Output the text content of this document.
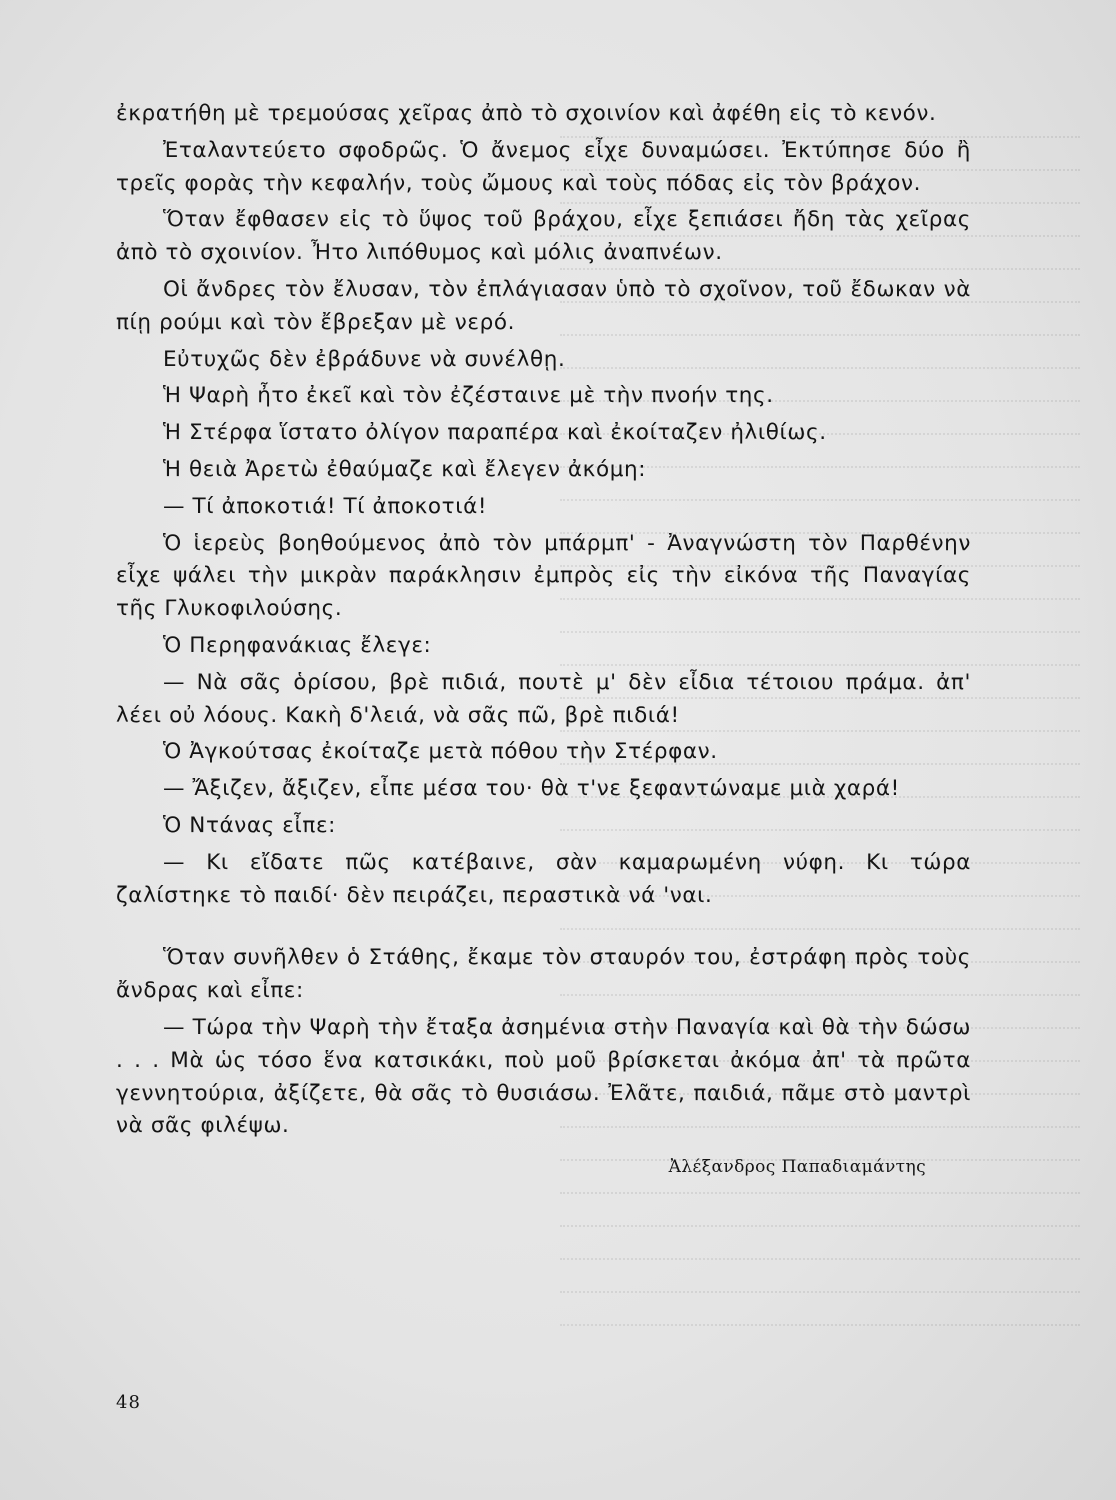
ἐκρατήθη μὲ τρεμούσας χεῖρας ἀπὸ τὸ σχοινίον καὶ ἀφέθη εἰς τὸ κενόν.

Ἐταλαντεύετο σφοδρῶς. Ὁ ἄνεμος εἶχε δυναμώσει. Ἐκτύπησε δύο ἢ τρεῖς φορὰς τὴν κεφαλήν, τοὺς ὤμους καὶ τοὺς πόδας εἰς τὸν βράχον.

Ὅταν ἔφθασεν εἰς τὸ ὕψος τοῦ βράχου, εἶχε ξεπιάσει ἤδη τὰς χεῖρας ἀπὸ τὸ σχοινίον. Ἦτο λιπόθυμος καὶ μόλις ἀναπνέων.

Οἱ ἄνδρες τὸν ἔλυσαν, τὸν ἐπλάγιασαν ὑπὸ τὸ σχοῖνον, τοῦ ἔδωκαν νὰ πίῃ ρούμι καὶ τὸν ἔβρεξαν μὲ νερό.

Εὐτυχῶς δὲν ἐβράδυνε νὰ συνέλθῃ.

Ἡ Ψαρὴ ἦτο ἐκεῖ καὶ τὸν ἐζέσταινε μὲ τὴν πνοήν της.

Ἡ Στέρφα ἵστατο ὀλίγον παραπέρα καὶ ἐκοίταζεν ἠλιθίως.

Ἡ θειὰ Ἀρετὼ ἐθαύμαζε καὶ ἔλεγεν ἀκόμη:

— Τί ἀποκοτιά! Τί ἀποκοτιά!

Ὁ ἱερεὺς βοηθούμενος ἀπὸ τὸν μπάρμπ' - Ἀναγνώστη τὸν Παρθένην εἶχε ψάλει τὴν μικρὰν παράκλησιν ἐμπρὸς εἰς τὴν εἰκόνα τῆς Παναγίας τῆς Γλυκοφιλούσης.

Ὁ Περηφανάκιας ἔλεγε:

— Νὰ σᾶς ὁρίσου, βρὲ πιδιά, πουτὲ μ' δὲν εἶδια τέτοιου πράμα. ἀπ' λέει οὐ λόους. Κακὴ δ'λειά, νὰ σᾶς πῶ, βρὲ πιδιά!

Ὁ Ἀγκούτσας ἐκοίταζε μετὰ πόθου τὴν Στέρφαν.

— Ἄξιζεν, ἄξιζεν, εἶπε μέσα του· θὰ τ'νε ξεφαντώναμε μιὰ χαρά!

Ὁ Ντάνας εἶπε:

— Κι εἴδατε πῶς κατέβαινε, σὰν καμαρωμένη νύφη. Κι τώρα ζαλίστηκε τὸ παιδί· δὲν πειράζει, περαστικὰ νά 'ναι.

Ὅταν συνῆλθεν ὁ Στάθης, ἔκαμε τὸν σταυρόν του, ἐστράφη πρὸς τοὺς ἄνδρας καὶ εἶπε:

— Τώρα τὴν Ψαρὴ τὴν ἔταξα ἀσημένια στὴν Παναγία καὶ θὰ τὴν δώσω . . . Μὰ ὡς τόσο ἕνα κατσικάκι, ποὺ μοῦ βρίσκεται ἀκόμα ἀπ' τὰ πρῶτα γεννητούρια, ἀξίζετε, θὰ σᾶς τὸ θυσιάσω. Ἐλᾶτε, παιδιά, πᾶμε στὸ μαντρὶ νὰ σᾶς φιλέψω.

Ἀλέξανδρος Παπαδιαμάντης
48
